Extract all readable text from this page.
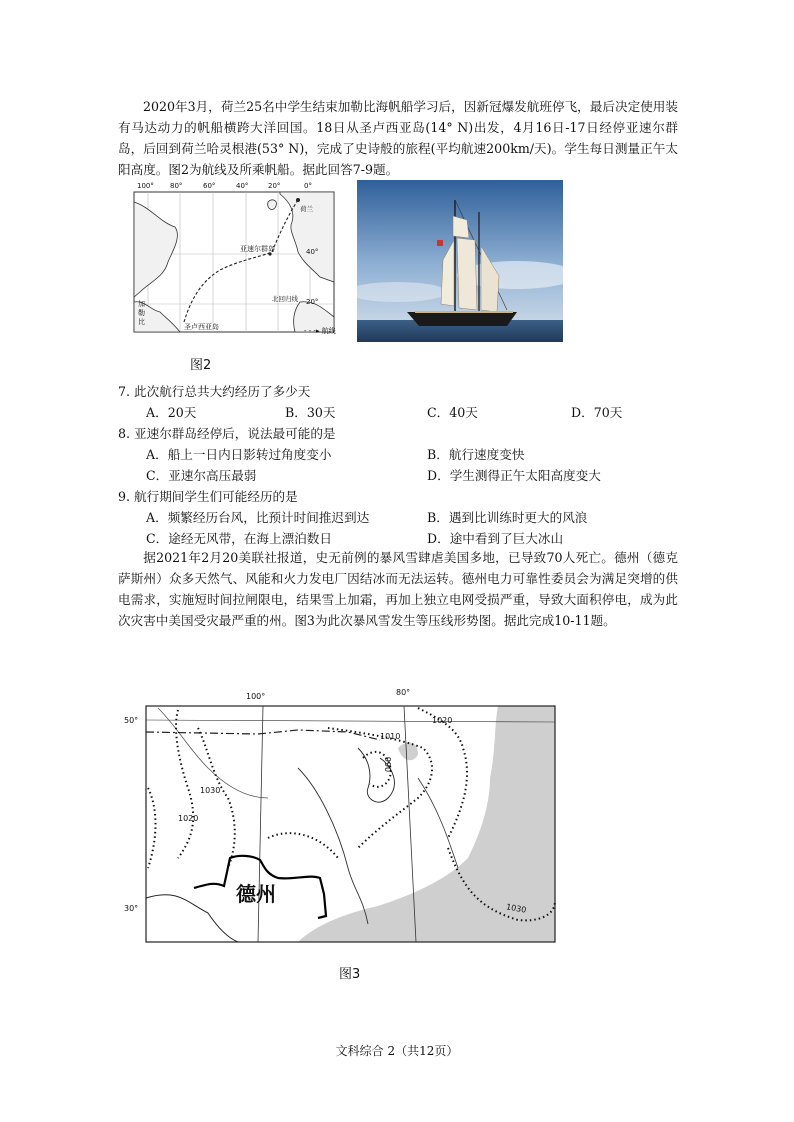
2020年3月，荷兰25名中学生结束加勒比海帆船学习后，因新冠爆发航班停飞，最后决定使用装有马达动力的帆船横跨大洋回国。18日从圣卢西亚岛(14° N)出发，4月16日-17日经停亚速尔群岛，后回到荷兰哈灵根港(53° N)，完成了史诗般的旅程(平均航速200km/天)。学生每日测量正午太阳高度。图2为航线及所乘帆船。据此回答7-9题。
100° 80°	60°	40°	20°	0°
40°
20°
亚速尔群岛
北回归线
圣卢西亚岛
荷兰
加
勒
比
- - -▸ 航线
图2
7. 此次航行总共大约经历了多少天
A．20天	B．30天	C．40天	D．70天
8. 亚速尔群岛经停后，说法最可能的是
A．船上一日内日影转过角度变小	B．航行速度变快
C．亚速尔高压最弱	D．学生测得正午太阳高度变大
9. 航行期间学生们可能经历的是
A．频繁经历台风，比预计时间推迟到达	B．遇到比训练时更大的风浪
C．途经无风带，在海上漂泊数日	D．途中看到了巨大冰山
据2021年2月20美联社报道，史无前例的暴风雪肆虐美国多地，已导致70人死亡。德州（德克萨斯州）众多天然气、风能和火力发电厂因结冰而无法运转。德州电力可靠性委员会为满足突增的供电需求，实施短时间拉闸限电，结果雪上加霜，再加上独立电网受损严重，导致大面积停电，成为此次灾害中美国受灾最严重的州。图3为此次暴风雪发生等压线形势图。据此完成10-11题。
100°	80°
50°
30°
1020
1010
990
1030
1020
1030
德州
图3
文科综合 2（共12页）
